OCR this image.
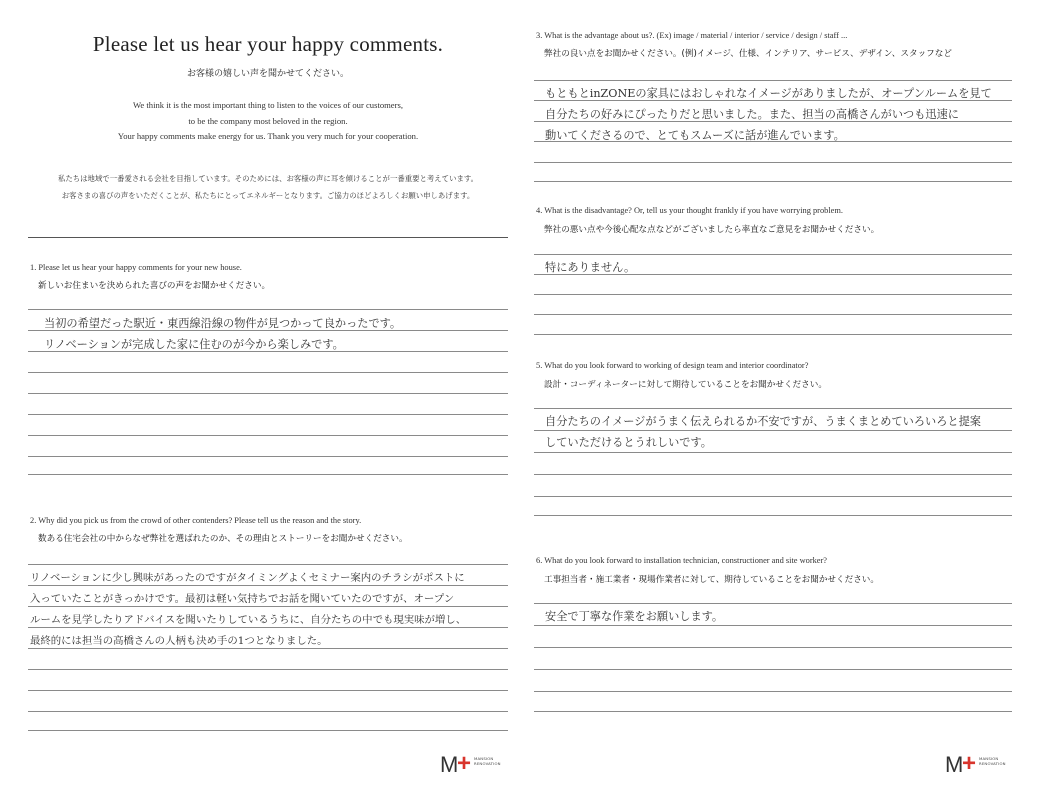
Please let us hear your happy comments.
お客様の嬉しい声を聞かせてください。
We think it is the most important thing to listen to the voices of our customers,
to be the company most beloved in the region.
Your happy comments make energy for us. Thank you very much for your cooperation.
私たちは地域で一番愛される会社を目指しています。そのためには、お客様の声に耳を傾けることが一番重要と考えています。
お客さまの喜びの声をいただくことが、私たちにとってエネルギーとなります。ご協力のほどよろしくお願い申しあげます。
1. Please let us hear your happy comments for your new house.
新しいお住まいを決められた喜びの声をお聞かせください。
当初の希望だった駅近・東西線沿線の物件が見つかって良かったです。
リノベーションが完成した家に住むのが今から楽しみです。
2. Why did you pick us from the crowd of other contenders? Please tell us the reason and the story.
数ある住宅会社の中からなぜ弊社を選ばれたのか、その理由とストーリーをお聞かせください。
リノベーションに少し興味があったのですがタイミングよくセミナー案内のチラシがポストに
入っていたことがきっかけです。最初は軽い気持ちでお話を聞いていたのですが、オープン
ルームを見学したりアドバイスを聞いたりしているうちに、自分たちの中でも現実味が増し、
最終的には担当の高橋さんの人柄も決め手の1つとなりました。
M
+ MANSION
RENOVATION
3. What is the advantage about us?. (Ex) image / material / interior / service / design / staff ...
弊社の良い点をお聞かせください。(例)イメージ、仕様、インテリア、サービス、デザイン、スタッフなど
もともとinZONEの家具にはおしゃれなイメージがありましたが、オープンルームを見て
自分たちの好みにぴったりだと思いました。また、担当の高橋さんがいつも迅速に
動いてくださるので、とてもスムーズに話が進んでいます。
4. What is the disadvantage? Or, tell us your thought frankly if you have worrying problem.
弊社の悪い点や今後心配な点などがございましたら率直なご意見をお聞かせください。
特にありません。
5. What do you look forward to working of design team and interior coordinator?
設計・コーディネーターに対して期待していることをお聞かせください。
自分たちのイメージがうまく伝えられるか不安ですが、うまくまとめていろいろと提案
していただけるとうれしいです。
6. What do you look forward to installation technician, constructioner and site worker?
工事担当者・施工業者・現場作業者に対して、期待していることをお聞かせください。
安全で丁寧な作業をお願いします。
M
+ MANSION
RENOVATION
